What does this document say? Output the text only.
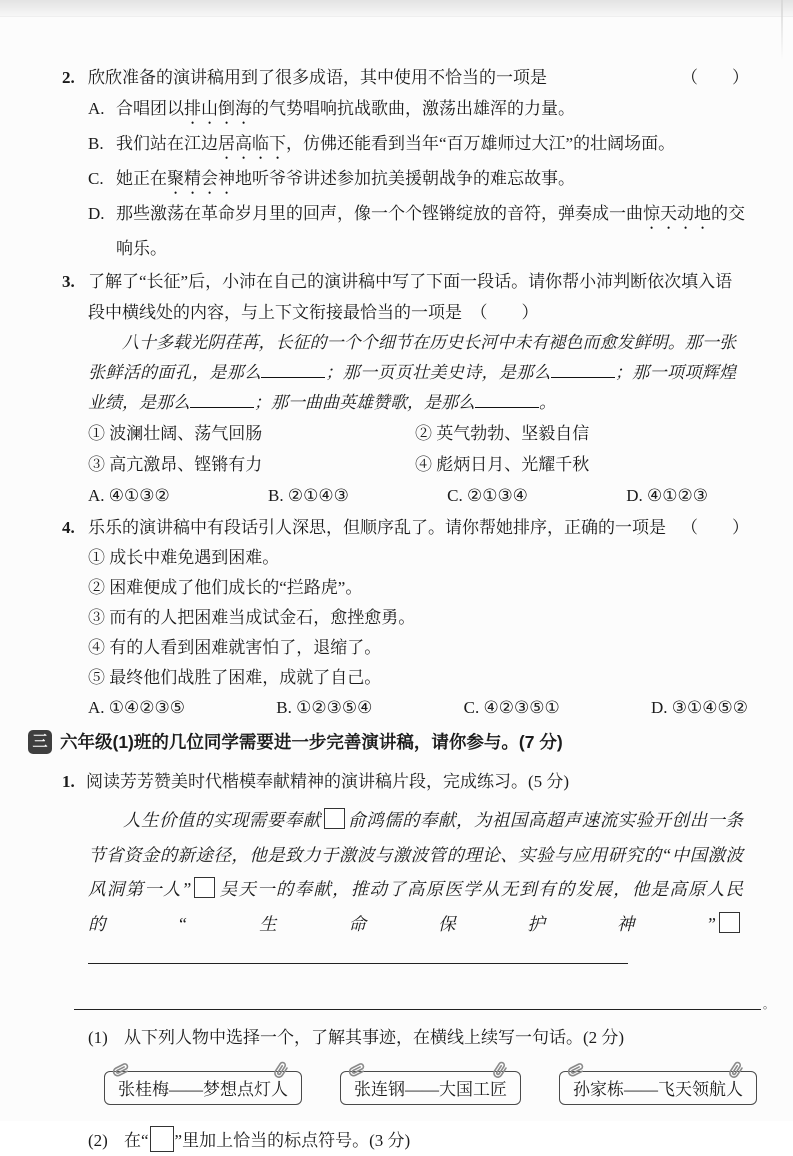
2. 欣欣准备的演讲稿用到了很多成语，其中使用不恰当的一项是	（　　）
A. 合唱团以排山倒海的气势唱响抗战歌曲，激荡出雄浑的力量。
B. 我们站在江边居高临下，仿佛还能看到当年“百万雄师过大江”的壮阔场面。
C. 她正在聚精会神地听爷爷讲述参加抗美援朝战争的难忘故事。
D. 那些激荡在革命岁月里的回声，像一个个铿锵绽放的音符，弹奏成一曲惊天动地的交响乐。
3. 了解了“长征”后，小沛在自己的演讲稿中写了下面一段话。请你帮小沛判断依次填入语段中横线处的内容，与上下文衔接最恰当的一项是　 （　　）
八十多载光阴荏苒，长征的一个个细节在历史长河中未有褪色而愈发鲜明。那一张张鲜活的面孔，是那么	；那一页页壮美史诗，是那么	；那一项项辉煌业绩，是那么	；那一曲曲英雄赞歌，是那么	。
① 波澜壮阔、荡气回肠	② 英气勃勃、坚毅自信
③ 高亢激昂、铿锵有力	④ 彪炳日月、光耀千秋
A. ④①③②	B. ②①④③	C. ②①③④	D. ④①②③
4. 乐乐的演讲稿中有段话引人深思，但顺序乱了。请你帮她排序，正确的一项是 （　　）
① 成长中难免遇到困难。
② 困难便成了他们成长的“拦路虎”。
③ 而有的人把困难当成试金石，愈挫愈勇。
④ 有的人看到困难就害怕了，退缩了。
⑤ 最终他们战胜了困难，成就了自己。
A. ①④②③⑤	B. ①②③⑤④	C. ④②③⑤①	D. ③①④⑤②
三 六年级(1)班的几位同学需要进一步完善演讲稿，请你参与。(7 分)
1. 阅读芳芳赞美时代楷模奉献精神的演讲稿片段，完成练习。(5 分)
人生价值的实现需要奉献 俞鸿儒的奉献，为祖国高超声速流实验开创出一条节省资金的新途径，他是致力于激波与激波管的理论、实验与应用研究的“中国激波风洞第一人” 吴天一的奉献，推动了高原医学从无到有的发展，他是高原人民的“生命保护神”
。
(1) 从下列人物中选择一个，了解其事迹，在横线上续写一句话。(2 分)
张桂梅——梦想点灯人	张连钢——大国工匠	孙家栋——飞天领航人
(2) 在“ ”里加上恰当的标点符号。(3 分)
